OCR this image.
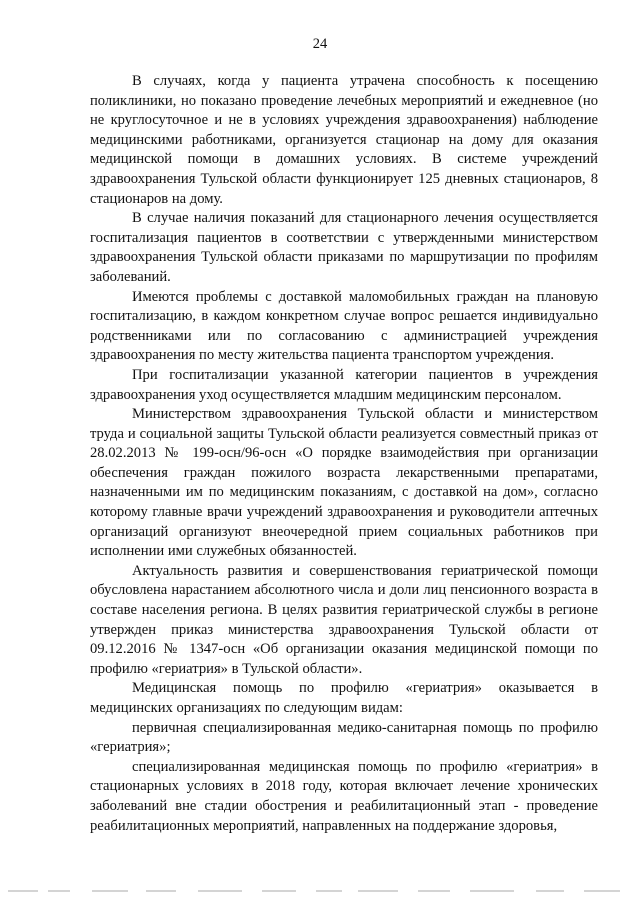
24

В случаях, когда у пациента утрачена способность к посещению поликлиники, но показано проведение лечебных мероприятий и ежедневное (но не круглосуточное и не в условиях учреждения здравоохранения) наблюдение медицинскими работниками, организуется стационар на дому для оказания медицинской помощи в домашних условиях. В системе учреждений здравоохранения Тульской области функционирует 125 дневных стационаров, 8 стационаров на дому.

В случае наличия показаний для стационарного лечения осуществляется госпитализация пациентов в соответствии с утвержденными министерством здравоохранения Тульской области приказами по маршрутизации по профилям заболеваний.

Имеются проблемы с доставкой маломобильных граждан на плановую госпитализацию, в каждом конкретном случае вопрос решается индивидуально родственниками или по согласованию с администрацией учреждения здравоохранения по месту жительства пациента транспортом учреждения.

При госпитализации указанной категории пациентов в учреждения здравоохранения уход осуществляется младшим медицинским персоналом.

Министерством здравоохранения Тульской области и министерством труда и социальной защиты Тульской области реализуется совместный приказ от 28.02.2013 № 199-осн/96-осн «О порядке взаимодействия при организации обеспечения граждан пожилого возраста лекарственными препаратами, назначенными им по медицинским показаниям, с доставкой на дом», согласно которому главные врачи учреждений здравоохранения и руководители аптечных организаций организуют внеочередной прием социальных работников при исполнении ими служебных обязанностей.

Актуальность развития и совершенствования гериатрической помощи обусловлена нарастанием абсолютного числа и доли лиц пенсионного возраста в составе населения региона. В целях развития гериатрической службы в регионе утвержден приказ министерства здравоохранения Тульской области от 09.12.2016 № 1347-осн «Об организации оказания медицинской помощи по профилю «гериатрия» в Тульской области».

Медицинская помощь по профилю «гериатрия» оказывается в медицинских организациях по следующим видам:

первичная специализированная медико-санитарная помощь по профилю «гериатрия»;

специализированная медицинская помощь по профилю «гериатрия» в стационарных условиях в 2018 году, которая включает лечение хронических заболеваний вне стадии обострения и реабилитационный этап - проведение реабилитационных мероприятий, направленных на поддержание здоровья,
